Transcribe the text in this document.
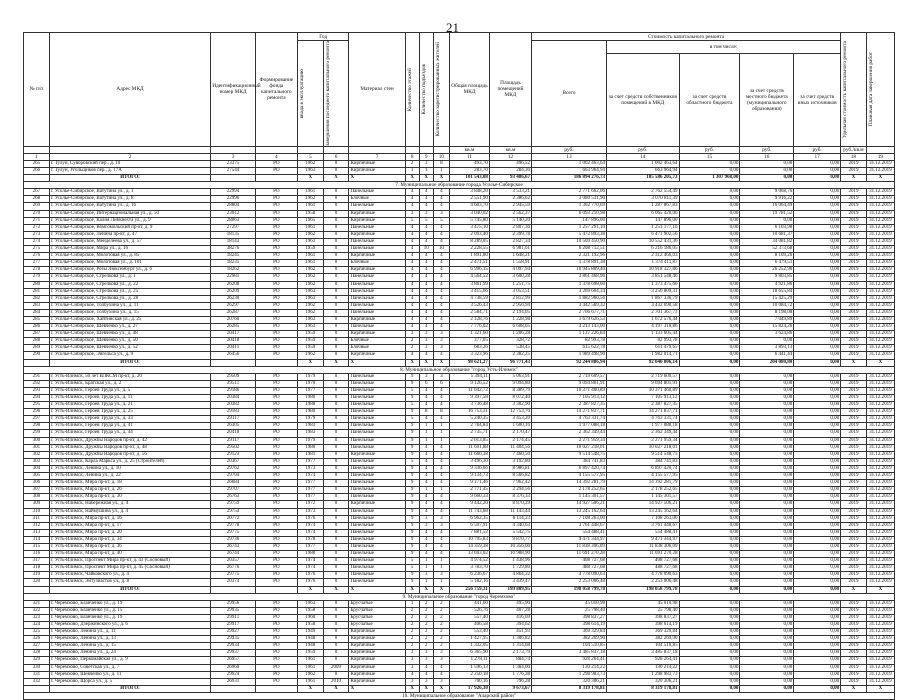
21
№ п/п	Адрес МКД	Идентификационный номер МКД	Формирование фонда капитального ремонта	Год		Материал стен	Количество этажей	Количество подъездов	Количество зарегистрированных жителей	Общая площадь МКД	Площадь помещений МКД	Стоимость капитального ремонта					Удельная стоимость капитального ремонта	Плановая дата завершения работ

				ввода в эксплуатацию	завершения последнего капитального ремонта							Всего	в том числе:					
													за счет средств собственников помещений в МКД	за счет средств областного бюджета	за счет средств местного бюджета (муниципального образования)	за счет средств иных источников		
										кв.м	кв.м	руб.	руб.	руб.	руб.	руб.	руб./кв.м	
1	2	3	4	5	6	7	8	9	10	11	12	13	14	15	16	17	18	19
265	г. Тулун, Суворовский пер., д. 10	23375	РО	1962	0	Кирпичные	2	3	8	493,70	496,52	1 002 463,64	1 002 463,64	0,00	0,00	0,00	2019	31.12.2019
266	г. Тулун, Угольщиков пер., д. 17А	27544	РО	1963	0	Кирпичные	1	1	1	283,70	284,30	663 964,94	663 964,94	0,00	0,00	0,00	2019	31.12.2019
	ИТОГО:			X	X	X	X	X	X	101 543,08	93 486,67	186 894 276,73	185 586 205,73	1 307 968,00	0,00	0,00	X	X
7. Муниципальное образование города Усолье-Сибирское																		
267	г. Усолье-Сибирское, Ватутина ул., д. 1	22994	РО	1961	0	Панельные	4	4	4	3 848,20	3 533,21	2 771 662,06	2 762 554,49	0,00	9 068,76	0,00	2019	31.12.2019
268	г. Усолье-Сибирское, Ватутина ул., д. 8	22996	РО	1962	0	Блочные	4	4	4	2 551,90	2 386,62	3 080 531,90	3 070 811,39	0,00	9 916,22	0,00	2019	31.12.2019
269	г. Усолье-Сибирское, Ватутина ул., д. 16	28804	РО	1961	0	Панельные	4	4	4	4 603,70	2 945,59	1 302 770,69	1 287 867,83	0,00	16 064,49	0,00	2019	31.12.2019
270	г. Усолье-Сибирское, Интернациональная ул., д. 50	23012	РО	1958	0	Кирпичные	3	3	3	3 040,02	2 562,37	6 093 210,98	6 065 420,06	0,00	19 781,52	0,00	2019	31.12.2019
271	г. Усолье-Сибирское, Калия Либкнехта ул., д. 9	28063	РО	1965	0	Кирпичные	5	5	5	5 745,80	5 140,20	147 896,00	147 896,00	0,00	0,00	0,00	2019	31.12.2019
272	г. Усолье-Сибирское, Комсомольский пр-кт, д. 9	27297	РО	1961	0	Панельные	4	4	4	3 475,10	2 807,36	1 257 291,10	1 251 177,16	0,00	6 103,98	0,00	2019	31.12.2019
273	г. Усолье-Сибирское, Ленина пр-кт, д. 47	18135	РО	1962	0	Кирпичные	4	4	4	2 093,40	2 399,78	5 472 893,38	6 471 902,56	0,00	10 681,37	0,00	2019	31.12.2019
274	г. Усолье-Сибирское, Менделеева ул., д. 57	18143	РО	1963	0	Панельные	4	4	4	8 289,05	2 827,34	10 569 450,90	10 552 431,36	0,00	34 081,82	0,00	2019	31.12.2019
275	г. Усолье-Сибирское, Мира ул., д. 16	38276	РО	1959	0	Панельные	4	10	10	2 228,55	6 981,61	6 208 712,51	6 216 186,05	0,00	52 373,68	0,00	2019	31.12.2019
276	г. Усолье-Сибирское, Молотовая ул., д. 85	18245	РО	1961	0	Кирпичные	4	4	4	1 891,80	1 648,21	2 321 192,96	2 312 466,03	0,00	8 109,26	0,00	2019	31.12.2019
277	г. Усолье-Сибирское, Молотовая ул., д. 101	18231	РО	1961	0	Блочные	4	4	4	2 471,51	1 558,91	1 378 891,38	1 374 411,87	0,00	6 479,51	0,00	2019	31.12.2019
278	г. Усолье-Сибирское, Розы Люксембург ул., д. 6	18262	РО	1962	0	Кирпичные	4	4	4	6 996,15	4 097,94	10 945 809,40	10 918 327,86	0,00	26 252,90	0,00	2019	31.12.2019
279	г. Усолье-Сибирское, Стрелкова ул., д. 1	22981	РО	1962	0	Панельные	4	4	4	4 564,52	3 600,28	3 861 468,96	3 851 548,46	0,00	9 803,85	0,00	2019	31.12.2019
280	г. Усолье-Сибирское, Стрелкова ул., д. 22	26208	РО	1962	0	Панельные	4	4	4	3 861,99	1 251,75	1 378 698,60	1 373 475,60	0,00	4 921,86	0,00	2019	31.12.2019
281	г. Усолье-Сибирское, Стрелкова ул., д. 25	26209	РО	1963	0	Панельные	4	4	4	3 415,66	3 053,51	3 269 604,34	3 250 809,31	0,00	18 655,84	0,00	2019	31.12.2019
282	г. Усолье-Сибирское, Стрелкова ул., д. 28	26230	РО	1963	0	Панельные	4	4	4	4 738,59	2 812,99	1 882 960,56	1 867 336,79	0,00	15 425,29	0,00	2019	31.12.2019
283	г. Усолье-Сибирское, Толбухина ул., д. 11	26297	РО	1962	0	Панельные	4	4	4	3 526,43	2 956,94	3 442 569,32	3 432 690,58	0,00	10 084,72	0,00	2019	31.12.2019
284	г. Усолье-Сибирское, Толбухина ул., д. 15	26287	РО	1962	0	Панельные	4	4	4	2 584,71	2 194,05	2 706 677,71	2 701 367,73	0,00	8 198,08	0,00	2019	31.12.2019
285	г. Усолье-Сибирское, Хайтинская ул., д. 25	20760	РО	1963	0	Кирпичные	4	4	4	2 128,76	1 228,98	1 679 626,53	1 672 576,44	0,00	7 049,89	0,00	2019	31.12.2019
286	г. Усолье-Сибирское, Шевченко ул., д. 27	26285	РО	1963	0	Панельные	4	4	4	7 776,02	6 608,65	4 213 143,00	4 197 318,86	0,00	15 824,26	0,00	2019	31.12.2019
287	г. Усолье-Сибирское, Шевченко ул., д. 48	20417	РО	1959	0	Кирпичные	3	3	3	1 321,60	1 206,28	1 137 226,84	1 133 605,44	0,00	3 624,86	0,00	2019	31.12.2019
288	г. Усолье-Сибирское, Шевченко ул., д. 50	20418	РО	1959	0	Блочные	2	3	3	377,05	328,72	82 993,78	82 993,78	0,00	0,00	0,00	2019	31.12.2019
289	г. Усолье-Сибирское, Шевченко ул., д. 52	20411	РО	1959	0	Блочные	2	3	3	683,26	538,45	615 622,78	611 479,65	0,00	3 893,13	0,00	2019	31.12.2019
290	г. Усолье-Сибирское, Энгельса ул., д. 9	26456	РО	1962	0	Кирпичные	4	4	4	3 323,96	2 382,25	1 989 498,90	1 982 014,71	0,00	6 441,44	0,00	2019	31.12.2019
	ИТОГО:			X	X	X	X	X	X	98 621,27	96 771,43	92 244 886,94	92 040 806,14	0,00	204 080,80	0,00	X	X
8. Муниципальное образование "город Усть-Илимск"																		
291	г. Усть-Илимск, 50 лет ВЛКСМ пр-кт, д. 20	29509	РО	1979	0	Панельные	9	3	3	5 394,11	5 063,91	2 719 609,57	2 719 609,57	0,00	0,00	0,00	2019	31.12.2019
292	г. Усть-Илимск, Братская ул., д. 2	29511	РО	1970	0	Панельные	9	6	6	9 126,52	9 094,80	9 094 801,91	9 094 801,91	0,00	0,00	0,00	2019	31.12.2019
293	г. Усть-Илимск, Героев Труда ул., д. 5	29186	РО	1977	0	Панельные	5	4	4	11 042,72	8 389,79	10 371 460,89	10 371 460,89	0,00	0,00	0,00	2019	31.12.2019
294	г. Усть-Илимск, Героев Труда ул., д. 11	20384	РО	1980	0	Панельные	9	4	4	9 397,58	8 072,40	7 105 913,12	7 105 913,12	0,00	0,00	0,00	2019	31.12.2019
295	г. Усть-Илимск, Героев Труда ул., д. 21	20383	РО	1988	0	Панельные	5	4	4	3 736,48	3 302,90	2 387 827,35	2 387 827,35	0,00	0,00	0,00	2019	31.12.2019
296	г. Усть-Илимск, Героев Труда ул., д. 25	29183	РО	1980	0	Панельные	9	8	8	16 753,31	12 753,70	14 271 837,71	14 271 837,71	0,00	0,00	0,00	2019	31.12.2019
297	г. Усть-Илимск, Героев Труда ул., д. 33	29117	РО	1979	0	Панельные	5	4	4	5 240,35	3 453,20	4 763 331,74	4 763 331,74	0,00	0,00	0,00	2019	31.12.2019
298	г. Усть-Илимск, Героев Труда ул., д. 41	26305	РО	1983	0	Панельные	9	1	1	2 784,84	1 600,16	1 977 088,18	1 977 088,18	0,00	0,00	0,00	2019	31.12.2019
299	г. Усть-Илимск, Героев Труда ул., д. 44	20418	РО	1983	0	Панельные	9	1	1	2 735,71	2 170,47	2 362 349,44	2 362 349,44	0,00	0,00	0,00	2019	31.12.2019
300	г. Усть-Илимск, Дружбы Народов пр-кт, д. 42	29117	РО	1979	0	Панельные	9	1	1	2 013,85	2 174,45	2 271 959,34	2 271 959,34	0,00	0,00	0,00	2019	31.12.2019
301	г. Усть-Илимск, Дружбы Народов пр-кт, д. 48	29502	РО	1980	0	Панельные	9	4	4	11 691,88	11 404,56	10 027 218,01	10 027 218,01	0,00	0,00	0,00	2019	31.12.2019
302	г. Усть-Илимск, Дружбы Народов пр-кт, д. 56	29123	РО	1981	0	Кирпичные	9	4	4	11 660,38	7 460,50	9 514 548,75	9 514 548,75	0,00	0,00	0,00	2019	31.12.2019
303	г. Усть-Илимск, Карла Маркса ул., д. 25 (Строителей)	20367	РО	1977	0	Панельные	5	4	4	3 496,30	3 192,80	384 741,83	384 741,83	0,00	0,00	0,00	2019	31.12.2019
304	г. Усть-Илимск, Ленина ул., д. 10	29762	РО	1973	0	Панельные	9	4	4	9 336,66	8 986,81	6 897 420,74	6 897 420,74	0,00	0,00	0,00	2019	31.12.2019
305	г. Усть-Илимск, Ленина ул., д. 22	29704	РО	1974	0	Панельные	9	4	4	9 134,73	8 566,82	4 155 577,95	4 155 577,95	0,00	0,00	0,00	2019	31.12.2019
306	г. Усть-Илимск, Мира пр-кт, д. 18	26684	РО	1977	0	Панельные	9	4	4	9 171,46	7 962,42	14 392 281,79	14 392 281,79	0,00	0,00	0,00	2019	31.12.2019
307	г. Усть-Илимск, Мира пр-кт, д. 26	29707	РО	1977	0	Панельные	9	1	1	2 771,45	2 294,56	2 178 252,65	2 178 252,65	0,00	0,00	0,00	2019	31.12.2019
308	г. Усть-Илимск, Мира пр-кт, д. 30	26763	РО	1977	0	Панельные	9	4	4	9 660,33	8 376,33	1 145 301,57	1 145 301,57	0,00	0,00	0,00	2019	31.12.2019
309	г. Усть-Илимск, Набережная ул., д. 4	29759	РО	1972	0	Кирпичные	9	4	4	9 442,20	8 870,29	14 927 506,21	14 927 506,21	0,00	0,00	0,00	2019	31.12.2019
310	г. Усть-Илимск, Наймушина ул., д. 4	29754	РО	1973	0	Панельные	9	4	4	11 743,68	11 143,44	13 245 162,64	13 245 162,64	0,00	0,00	0,00	2019	31.12.2019
311	г. Усть-Илимск, Мира пр-кт, д. 16	20772	РО	1976	0	Панельные	9	3	3	6 962,35	6 114,33	7 108 263,00	7 108 263,00	0,00	0,00	0,00	2019	31.12.2019
312	г. Усть-Илимск, Мира пр-кт, д. 17	29778	РО	1974	0	Панельные	9	3	3	6 597,91	4 340,63	3 761 448,67	3 761 448,67	0,00	0,00	0,00	2019	31.12.2019
313	г. Усть-Илимск, Мира пр-кт, д. 20	29775	РО	1974	0	Панельные	9	4	4	7 881,52	5 542,75	554 488,41	554 488,41	0,00	0,00	0,00	2019	31.12.2019
314	г. Усть-Илимск, Мира пр-кт, д. 34	29736	РО	1978	0	Панельные	9	4	4	10 795,83	9 870,77	9 471 344,97	9 471 344,97	0,00	0,00	0,00	2019	31.12.2019
315	г. Усть-Илимск, Мира пр-кт, д. 36	26743	РО	1977	0	Панельные	9	4	4	14 359,38	10 356,60	11 838 306,09	11 838 306,09	0,00	0,00	0,00	2019	31.12.2019
316	г. Усть-Илимск, Мира пр-кт, д. 40	26744	РО	1980	0	Панельные	9	4	4	13 693,02	10 988,90	11 691 270,28	11 691 270,28	0,00	0,00	0,00	2019	31.12.2019
317	г. Усть-Илимск, Проспект Мира пр-кт, д. 43 (Сосновый)	20357	РО	1974	0	Панельные	5	1	1	4 974,52	1 438,96	408 727,68	408 727,68	0,00	0,00	0,00	2019	31.12.2019
318	г. Усть-Илимск, Проспект Мира пр-кт, д. 45 (Сосновый)	26776	РО	1974	0	Панельные	5	1	1	3 783,70	1 729,80	488 727,68	488 727,68	0,00	0,00	0,00	2019	31.12.2019
319	г. Усть-Илимск, Чайковского ул., д. 4	29775	РО	1976	0	Панельные	9	3	3	6 236,67	4 864,32	4 778 090,63	4 778 090,63	0,00	0,00	0,00	2019	31.12.2019
320	г. Усть-Илимск, Энтузиастов ул., д. 8	20374	РО	1976	0	Панельные	9	1	1	5 182,16	3 439,47	2 253 006,48	2 253 006,48	0,00	0,00	0,00	2019	31.12.2019
	ИТОГО:			X	X	X	X	X	X	256 759,31	199 809,95	198 058 799,78	198 058 799,78	0,00	0,00	0,00	X	X
9. Муниципальное образование "город Черемхово"																		
321	г. Черемхово, Бланченко ул., д. 19	29956	РО	1963	0	Брусчатые	1	2	2	441,60	495,90	45 010,98	45 010,98	0,00	0,00	0,00	2019	31.12.2019
322	г. Черемхово, Бланченко ул., д. 15	29935	РО	1958	0	Брусчатые	2	2	2	526,76	407,28	25 798,40	25 798,40	0,00	0,00	0,00	2019	31.12.2019
323	г. Черемхово, Бланченко ул., д. 19	29911	РО	1960	0	Брусчатые	2	2	2	557,40	416,69	398 837,27	398 837,27	0,00	0,00	0,00	2019	31.12.2019
324	г. Черемхово, Дзержинского ул., д. 6	29917	РО	1958	0	Брусчатые	2	2	2	406,58	394,62	398 614,19	398 614,19	0,00	0,00	0,00	2019	31.12.2019
325	г. Черемхово, Ленина ул., д. 11	29927	РО	1949	0	Кирпичные	2	2	2	553,40	451,93	369 329,84	369 329,84	0,00	0,00	0,00	2019	31.12.2019
326	г. Черемхово, Ленина ул., д. 13	29935	РО	1948	0	Кирпичные	2	2	2	1 427,95	1 306,82	382 269,90	382 269,90	0,00	0,00	0,00	2019	31.12.2019
327	г. Черемхово, Ленина ул., д. 15	29934	РО	1948	0	Кирпичные	2	2	2	1 332,05	1 314,68	104 510,85	104 510,85	0,00	0,00	0,00	2019	31.12.2019
328	г. Черемхово, Ленина ул., д. 24	29937	РО	1959	0	Кирпичные	3	3	3	6 365,90	2 173,79	3 485 837,18	3 485 837,18	0,00	0,00	0,00	2019	31.12.2019
329	г. Черемхово, Первомайская ул., д. 9	26957	РО	1961	0	Кирпичные	3	3	3	1 278,11	884,74	928 264,41	928 264,41	0,00	0,00	0,00	2019	31.12.2019
330	г. Черемхово, Советская ул., д. 7	26960	РО	1961	2009	Кирпичные	3	4	4	1 596,13	1 384,00	130 214,22	130 214,22	0,00	0,00	0,00	2019	31.12.2019
331	г. Черемхово, Шевченко ул., д. 11	29924	РО	1962	0	Кирпичные	4	4	4	2 250,18	1 776,38	1 298 983,73	1 298 983,73	0,00	0,00	0,00	2019	31.12.2019
332	г. Черемхово, Щорса ул., д. 5	26931	РО	1961	2010	Кирпичные	3	3	3	700,16	796,28	320 306,21	320 306,21	0,00	0,00	0,00	2019	31.12.2019
	ИТОГО:			X	X	X	X	X	X	17 926,30	9 673,67	8 319 178,81	8 319 178,81	0,00	0,00	0,00	X	X
10. Муниципальное образование "Аларский район"																		
